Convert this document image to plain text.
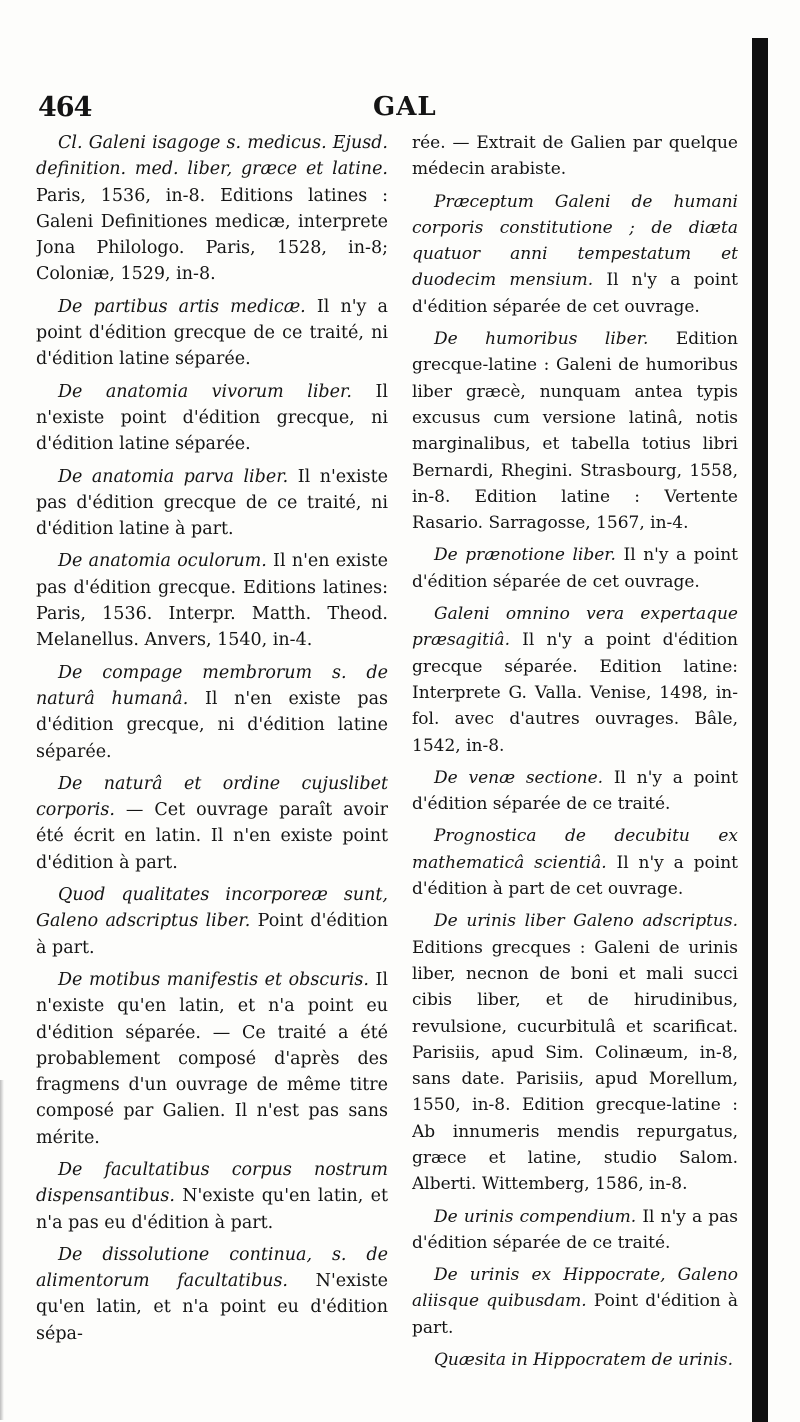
464	GAL

Cl. Galeni isagoge s. medicus. Ejusd. definition. med. liber, græce et latine. Paris, 1536, in-8. Editions latines : Galeni Definitiones medicæ, interprete Jona Philologo. Paris, 1528, in-8; Coloniæ, 1529, in-8.

De partibus artis medicæ. Il n'y a point d'édition grecque de ce traité, ni d'édition latine séparée.

De anatomia vivorum liber. Il n'existe point d'édition grecque, ni d'édition latine séparée.

De anatomia parva liber. Il n'existe pas d'édition grecque de ce traité, ni d'édition latine à part.

De anatomia oculorum. Il n'en existe pas d'édition grecque. Editions latines: Paris, 1536. Interpr. Matth. Theod. Melanellus. Anvers, 1540, in-4.

De compage membrorum s. de naturâ humanâ. Il n'en existe pas d'édition grecque, ni d'édition latine séparée.

De naturâ et ordine cujuslibet corporis. — Cet ouvrage paraît avoir été écrit en latin. Il n'en existe point d'édition à part.

Quod qualitates incorporeæ sunt, Galeno adscriptus liber. Point d'édition à part.

De motibus manifestis et obscuris. Il n'existe qu'en latin, et n'a point eu d'édition séparée. — Ce traité a été probablement composé d'après des fragmens d'un ouvrage de même titre composé par Galien. Il n'est pas sans mérite.

De facultatibus corpus nostrum dispensantibus. N'existe qu'en latin, et n'a pas eu d'édition à part.

De dissolutione continua, s. de alimentorum facultatibus. N'existe qu'en latin, et n'a point eu d'édition sépa-

rée. — Extrait de Galien par quelque médecin arabiste.

Præceptum Galeni de humani corporis constitutione ; de diæta quatuor anni tempestatum et duodecim mensium. Il n'y a point d'édition séparée de cet ouvrage.

De humoribus liber. Edition grecque-latine : Galeni de humoribus liber græcè, nunquam antea typis excusus cum versione latinâ, notis marginalibus, et tabella totius libri Bernardi, Rhegini. Strasbourg, 1558, in-8. Edition latine : Vertente Rasario. Sarragosse, 1567, in-4.

De prænotione liber. Il n'y a point d'édition séparée de cet ouvrage.

Galeni omnino vera expertaque præsagitiâ. Il n'y a point d'édition grecque séparée. Edition latine: Interprete G. Valla. Venise, 1498, in-fol. avec d'autres ouvrages. Bâle, 1542, in-8.

De venæ sectione. Il n'y a point d'édition séparée de ce traité.

Prognostica de decubitu ex mathematicâ scientiâ. Il n'y a point d'édition à part de cet ouvrage.

De urinis liber Galeno adscriptus. Editions grecques : Galeni de urinis liber, necnon de boni et mali succi cibis liber, et de hirudinibus, revulsione, cucurbitulâ et scarificat. Parisiis, apud Sim. Colinæum, in-8, sans date. Parisiis, apud Morellum, 1550, in-8. Edition grecque-latine : Ab innumeris mendis repurgatus, græce et latine, studio Salom. Alberti. Wittemberg, 1586, in-8.

De urinis compendium. Il n'y a pas d'édition séparée de ce traité.

De urinis ex Hippocrate, Galeno aliisque quibusdam. Point d'édition à part.

Quæsita in Hippocratem de urinis.
